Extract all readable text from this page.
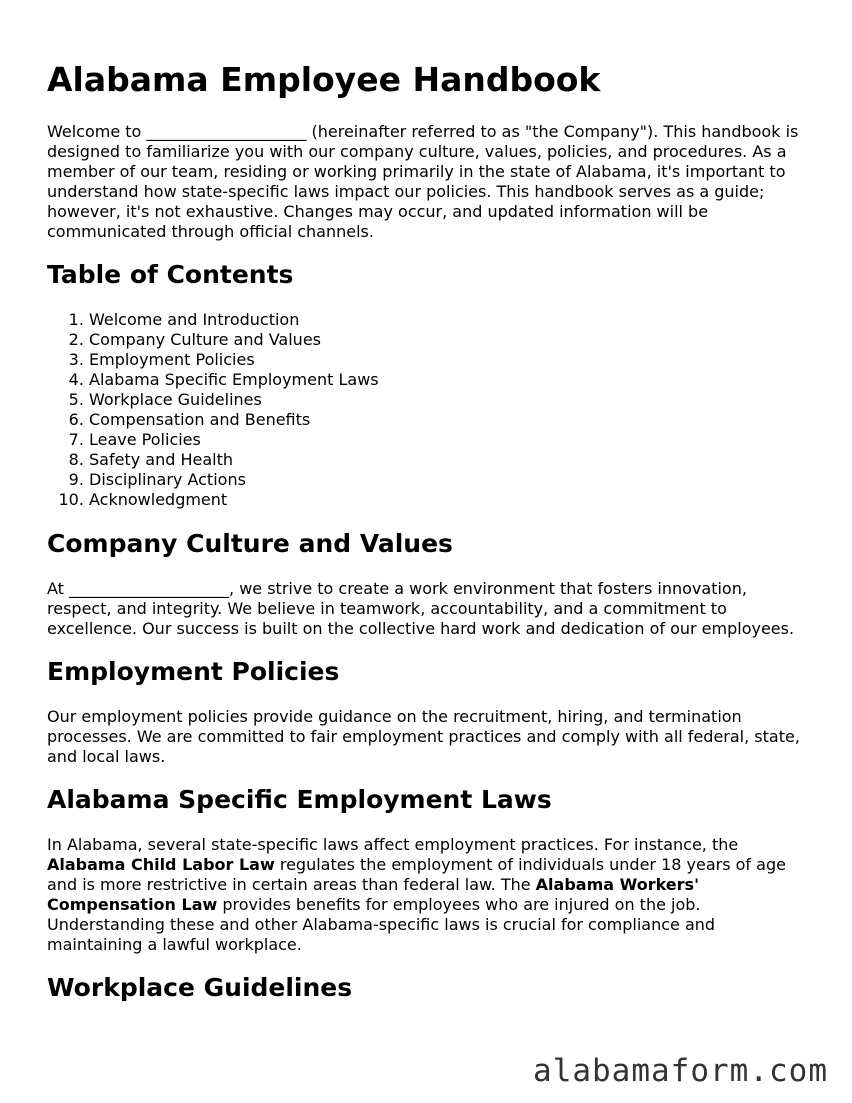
Alabama Employee Handbook

Welcome to ____________________ (hereinafter referred to as "the Company"). This handbook is designed to familiarize you with our company culture, values, policies, and procedures. As a member of our team, residing or working primarily in the state of Alabama, it's important to understand how state-specific laws impact our policies. This handbook serves as a guide; however, it's not exhaustive. Changes may occur, and updated information will be communicated through official channels.

Table of Contents
1. Welcome and Introduction
2. Company Culture and Values
3. Employment Policies
4. Alabama Specific Employment Laws
5. Workplace Guidelines
6. Compensation and Benefits
7. Leave Policies
8. Safety and Health
9. Disciplinary Actions
10. Acknowledgment
Company Culture and Values

At ____________________, we strive to create a work environment that fosters innovation, respect, and integrity. We believe in teamwork, accountability, and a commitment to excellence. Our success is built on the collective hard work and dedication of our employees.

Employment Policies

Our employment policies provide guidance on the recruitment, hiring, and termination processes. We are committed to fair employment practices and comply with all federal, state, and local laws.

Alabama Specific Employment Laws

In Alabama, several state-specific laws affect employment practices. For instance, the Alabama Child Labor Law regulates the employment of individuals under 18 years of age and is more restrictive in certain areas than federal law. The Alabama Workers' Compensation Law provides benefits for employees who are injured on the job. Understanding these and other Alabama-specific laws is crucial for compliance and maintaining a lawful workplace.

Workplace Guidelines
alabamaform.com
